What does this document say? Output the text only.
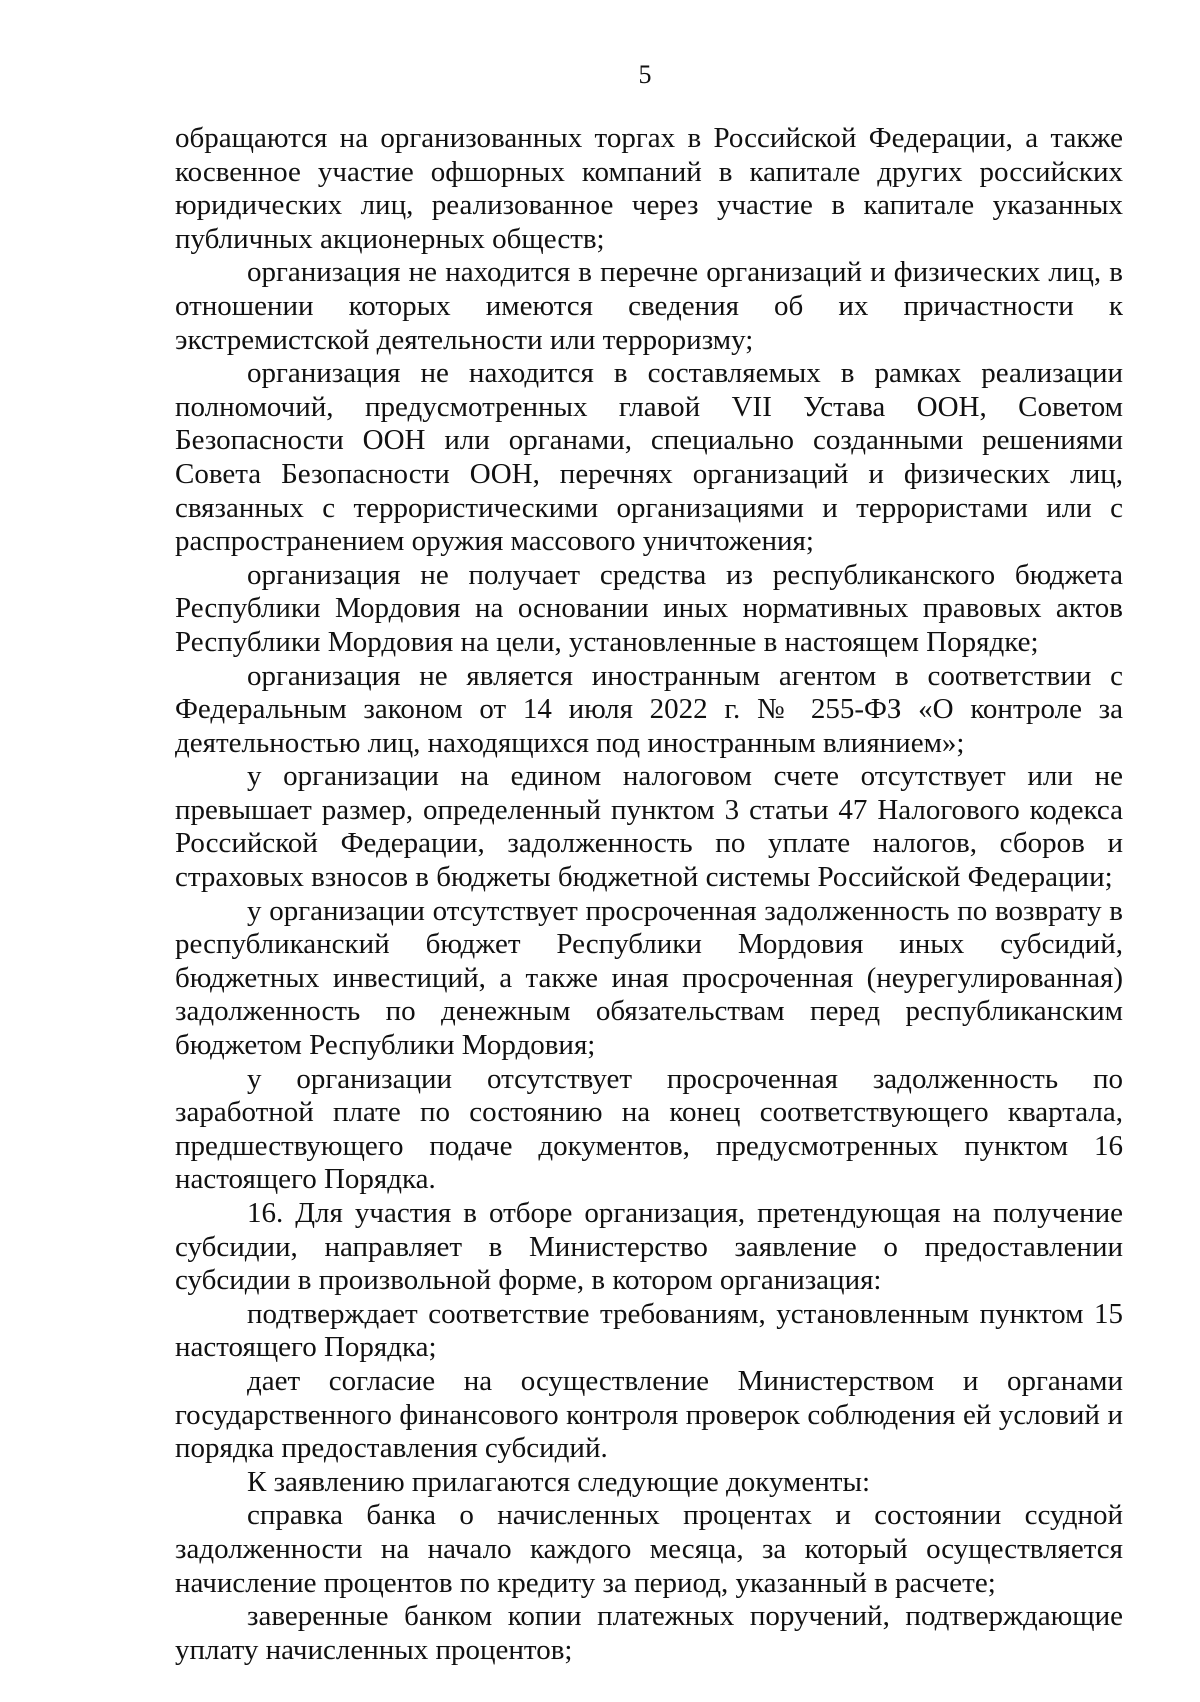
5

обращаются на организованных торгах в Российской Федерации, а также косвенное участие офшорных компаний в капитале других российских юридических лиц, реализованное через участие в капитале указанных публичных акционерных обществ;

организация не находится в перечне организаций и физических лиц, в отношении которых имеются сведения об их причастности к экстремистской деятельности или терроризму;

организация не находится в составляемых в рамках реализации полномочий, предусмотренных главой VII Устава ООН, Советом Безопасности ООН или органами, специально созданными решениями Совета Безопасности ООН, перечнях организаций и физических лиц, связанных с террористическими организациями и террористами или с распространением оружия массового уничтожения;

организация не получает средства из республиканского бюджета Республики Мордовия на основании иных нормативных правовых актов Республики Мордовия на цели, установленные в настоящем Порядке;

организация не является иностранным агентом в соответствии с Федеральным законом от 14 июля 2022 г. № 255-ФЗ «О контроле за деятельностью лиц, находящихся под иностранным влиянием»;

у организации на едином налоговом счете отсутствует или не превышает размер, определенный пунктом 3 статьи 47 Налогового кодекса Российской Федерации, задолженность по уплате налогов, сборов и страховых взносов в бюджеты бюджетной системы Российской Федерации;

у организации отсутствует просроченная задолженность по возврату в республиканский бюджет Республики Мордовия иных субсидий, бюджетных инвестиций, а также иная просроченная (неурегулированная) задолженность по денежным обязательствам перед республиканским бюджетом Республики Мордовия;

у организации отсутствует просроченная задолженность по заработной плате по состоянию на конец соответствующего квартала, предшествующего подаче документов, предусмотренных пунктом 16 настоящего Порядка.

16. Для участия в отборе организация, претендующая на получение субсидии, направляет в Министерство заявление о предоставлении субсидии в произвольной форме, в котором организация:

подтверждает соответствие требованиям, установленным пунктом 15 настоящего Порядка;

дает согласие на осуществление Министерством и органами государственного финансового контроля проверок соблюдения ей условий и порядка предоставления субсидий.

К заявлению прилагаются следующие документы:

справка банка о начисленных процентах и состоянии ссудной задолженности на начало каждого месяца, за который осуществляется начисление процентов по кредиту за период, указанный в расчете;

заверенные банком копии платежных поручений, подтверждающие уплату начисленных процентов;
